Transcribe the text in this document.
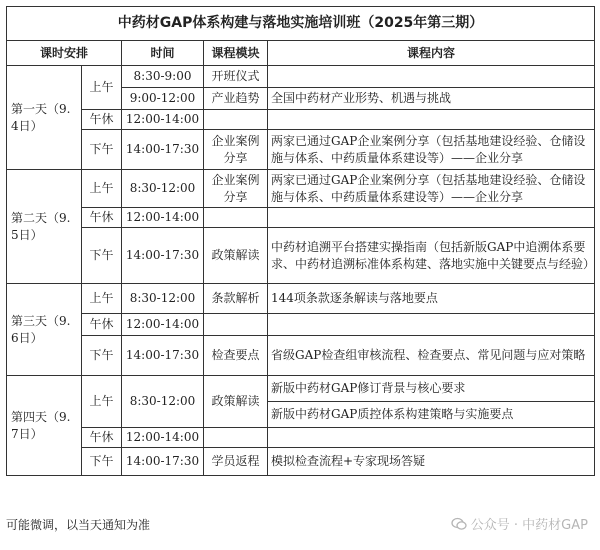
中药材GAP体系构建与落地实施培训班（2025年第三期）				
课时安排		时间	课程模块	课程内容
第一天（9.4日）	上午	8:30-9:00	开班仪式	
		9:00-12:00	产业趋势	全国中药材产业形势、机遇与挑战
	午休	12:00-14:00		
	下午	14:00-17:30	企业案例分享	两家已通过GAP企业案例分享（包括基地建设经验、仓储设施与体系、中药质量体系建设等）——企业分享
第二天（9.5日）	上午	8:30-12:00	企业案例分享	两家已通过GAP企业案例分享（包括基地建设经验、仓储设施与体系、中药质量体系建设等）——企业分享
	午休	12:00-14:00		
	下午	14:00-17:30	政策解读	中药材追溯平台搭建实操指南（包括新版GAP中追溯体系要求、中药材追溯标准体系构建、落地实施中关键要点与经验）
第三天（9.6日）	上午	8:30-12:00	条款解析	144项条款逐条解读与落地要点
	午休	12:00-14:00		
	下午	14:00-17:30	检查要点	省级GAP检查组审核流程、检查要点、常见问题与应对策略
第四天（9.7日）	上午	8:30-12:00	政策解读	新版中药材GAP修订背景与核心要求
				新版中药材GAP质控体系构建策略与实施要点
	午休	12:00-14:00		
	下午	14:00-17:30	学员返程	模拟检查流程+专家现场答疑
可能微调，以当天通知为准	公众号 · 中药材GAP
